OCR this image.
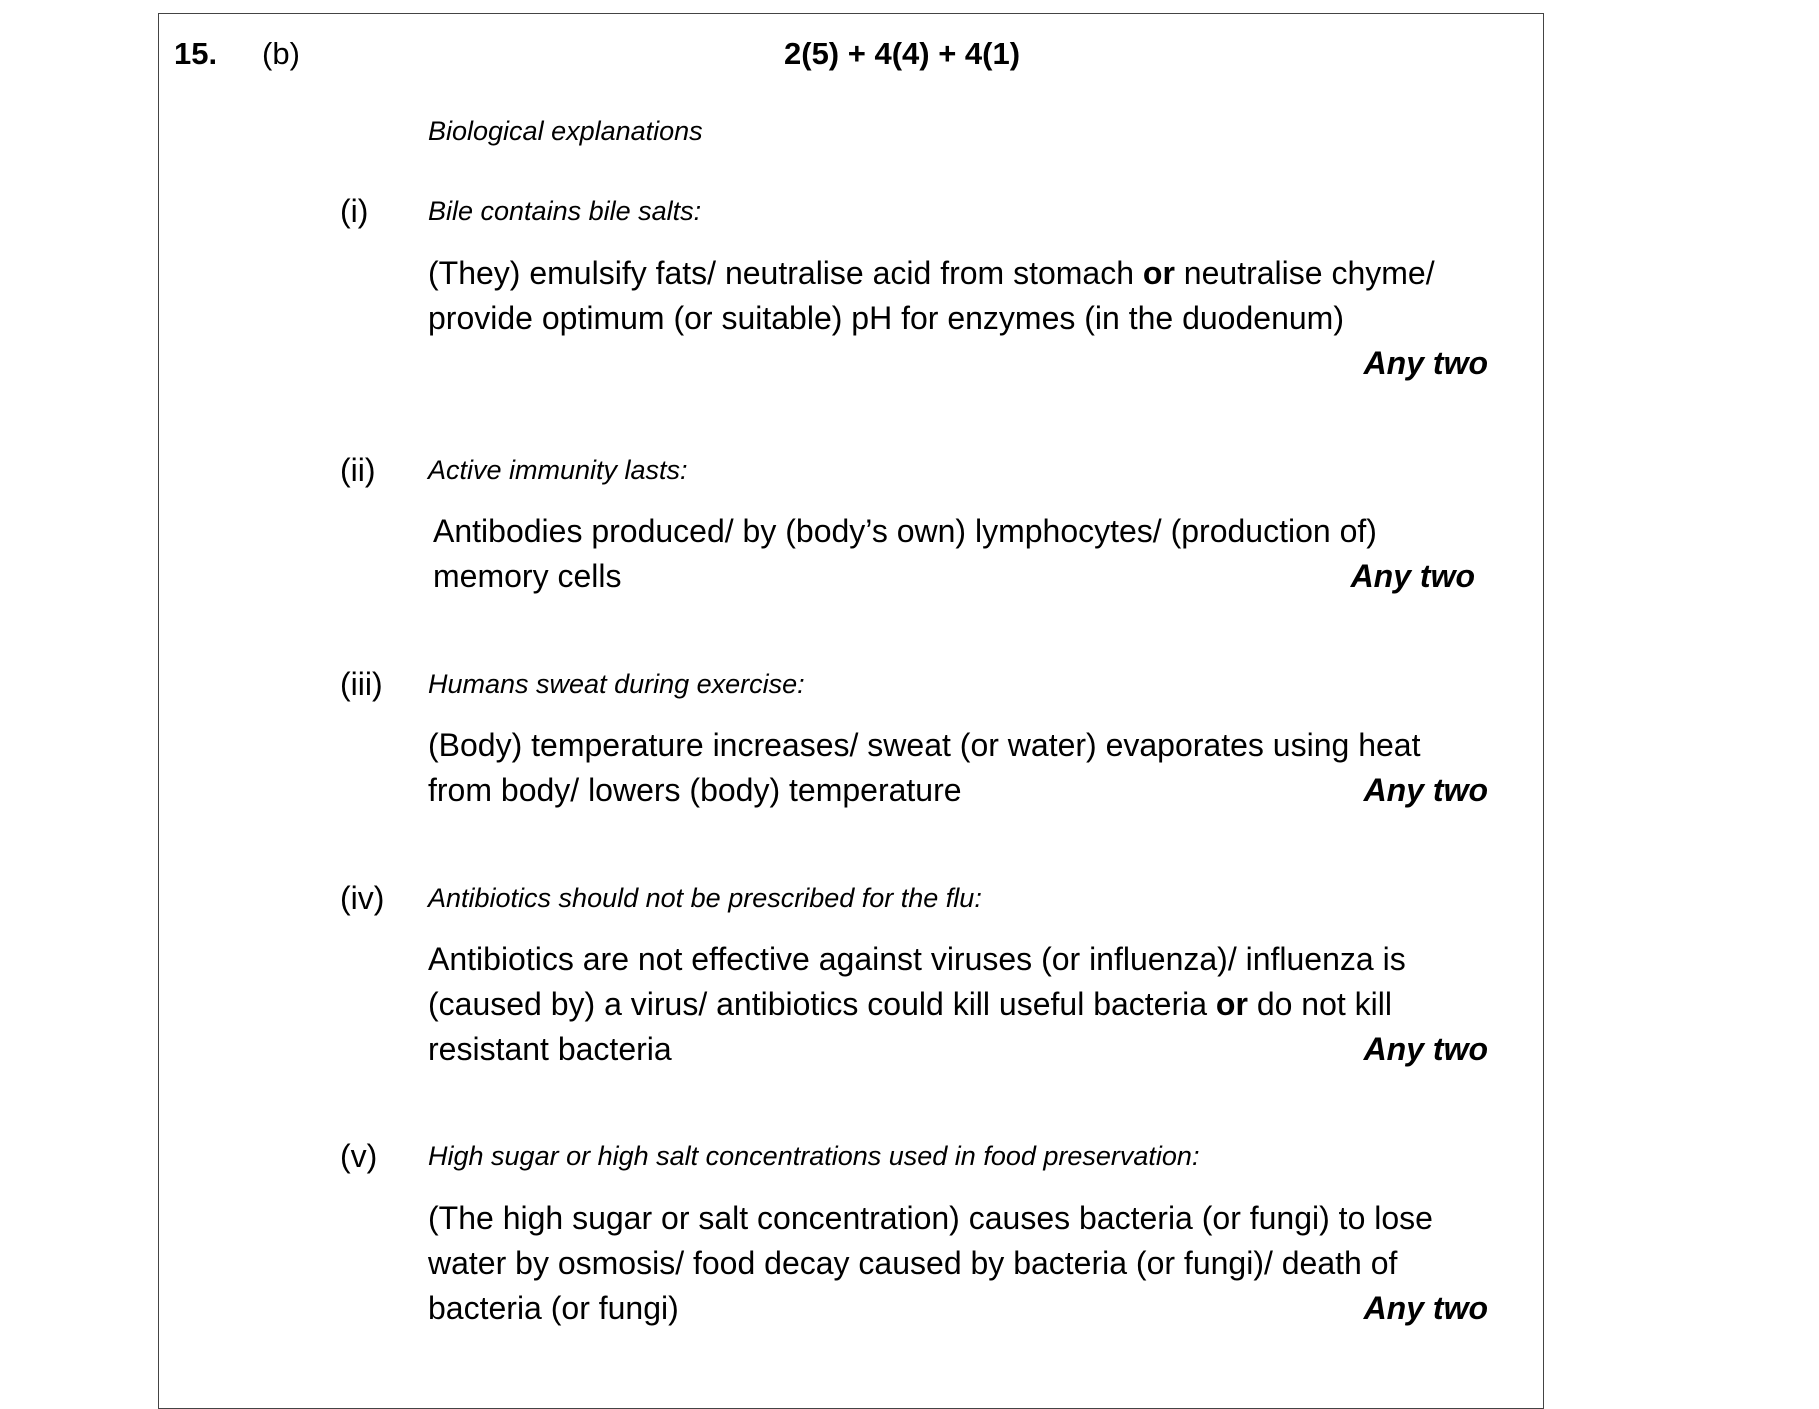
15. (b)	2(5) + 4(4) + 4(1)
Biological explanations
(i) Bile contains bile salts:

(They) emulsify fats/ neutralise acid from stomach or neutralise chyme/

provide optimum (or suitable) pH for enzymes (in the duodenum)

Any two

(ii) Active immunity lasts:

Antibodies produced/ by (body’s own) lymphocytes/ (production of)

memory cells	Any two
(iii) Humans sweat during exercise:

(Body) temperature increases/ sweat (or water) evaporates using heat

from body/ lowers (body) temperature	Any two
(iv) Antibiotics should not be prescribed for the flu:

Antibiotics are not effective against viruses (or influenza)/ influenza is

(caused by) a virus/ antibiotics could kill useful bacteria or do not kill

resistant bacteria	Any two
(v) High sugar or high salt concentrations used in food preservation:

(The high sugar or salt concentration) causes bacteria (or fungi) to lose

water by osmosis/ food decay caused by bacteria (or fungi)/ death of

bacteria (or fungi)	Any two
